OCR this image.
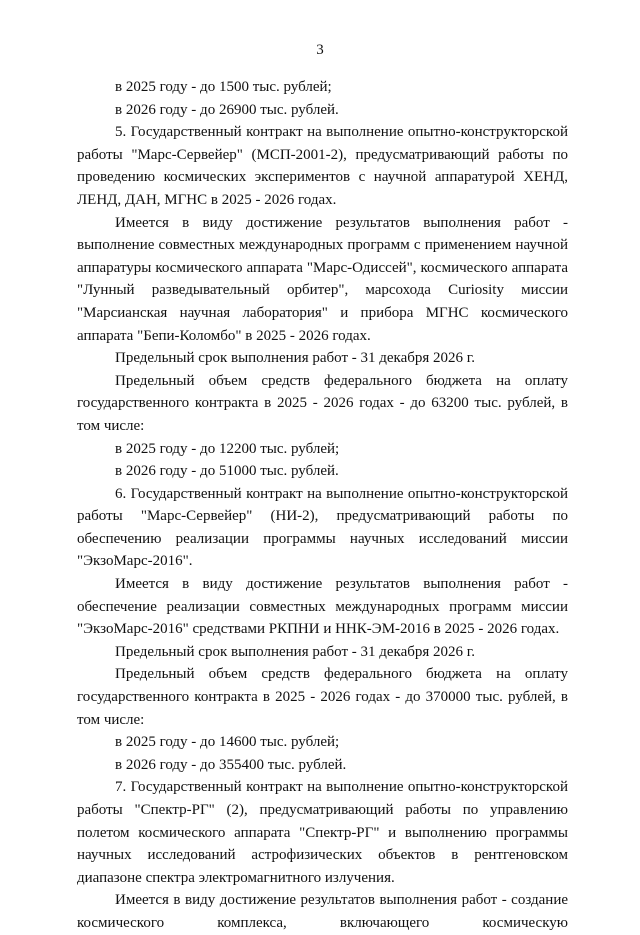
3

в 2025 году - до 1500 тыс. рублей;

в 2026 году - до 26900 тыс. рублей.

5. Государственный контракт на выполнение опытно-конструкторской работы "Марс-Сервейер" (МСП-2001-2), предусматривающий работы по проведению космических экспериментов с научной аппаратурой ХЕНД, ЛЕНД, ДАН, МГНС в 2025 - 2026 годах.

Имеется в виду достижение результатов выполнения работ - выполнение совместных международных программ с применением научной аппаратуры космического аппарата "Марс-Одиссей", космического аппарата "Лунный разведывательный орбитер", марсохода Curiosity миссии "Марсианская научная лаборатория" и прибора МГНС космического аппарата "Бепи-Коломбо" в 2025 - 2026 годах.

Предельный срок выполнения работ - 31 декабря 2026 г.

Предельный объем средств федерального бюджета на оплату государственного контракта в 2025 - 2026 годах - до 63200 тыс. рублей, в том числе:

в 2025 году - до 12200 тыс. рублей;

в 2026 году - до 51000 тыс. рублей.

6. Государственный контракт на выполнение опытно-конструкторской работы "Марс-Сервейер" (НИ-2), предусматривающий работы по обеспечению реализации программы научных исследований миссии "ЭкзоМарс-2016".

Имеется в виду достижение результатов выполнения работ - обеспечение реализации совместных международных программ миссии "ЭкзоМарс-2016" средствами РКПНИ и ННК-ЭМ-2016 в 2025 - 2026 годах.

Предельный срок выполнения работ - 31 декабря 2026 г.

Предельный объем средств федерального бюджета на оплату государственного контракта в 2025 - 2026 годах - до 370000 тыс. рублей, в том числе:

в 2025 году - до 14600 тыс. рублей;

в 2026 году - до 355400 тыс. рублей.

7. Государственный контракт на выполнение опытно-конструкторской работы "Спектр-РГ" (2), предусматривающий работы по управлению полетом космического аппарата "Спектр-РГ" и выполнению программы научных исследований астрофизических объектов в рентгеновском диапазоне спектра электромагнитного излучения.

Имеется в виду достижение результатов выполнения работ - создание космического комплекса, включающего космическую
